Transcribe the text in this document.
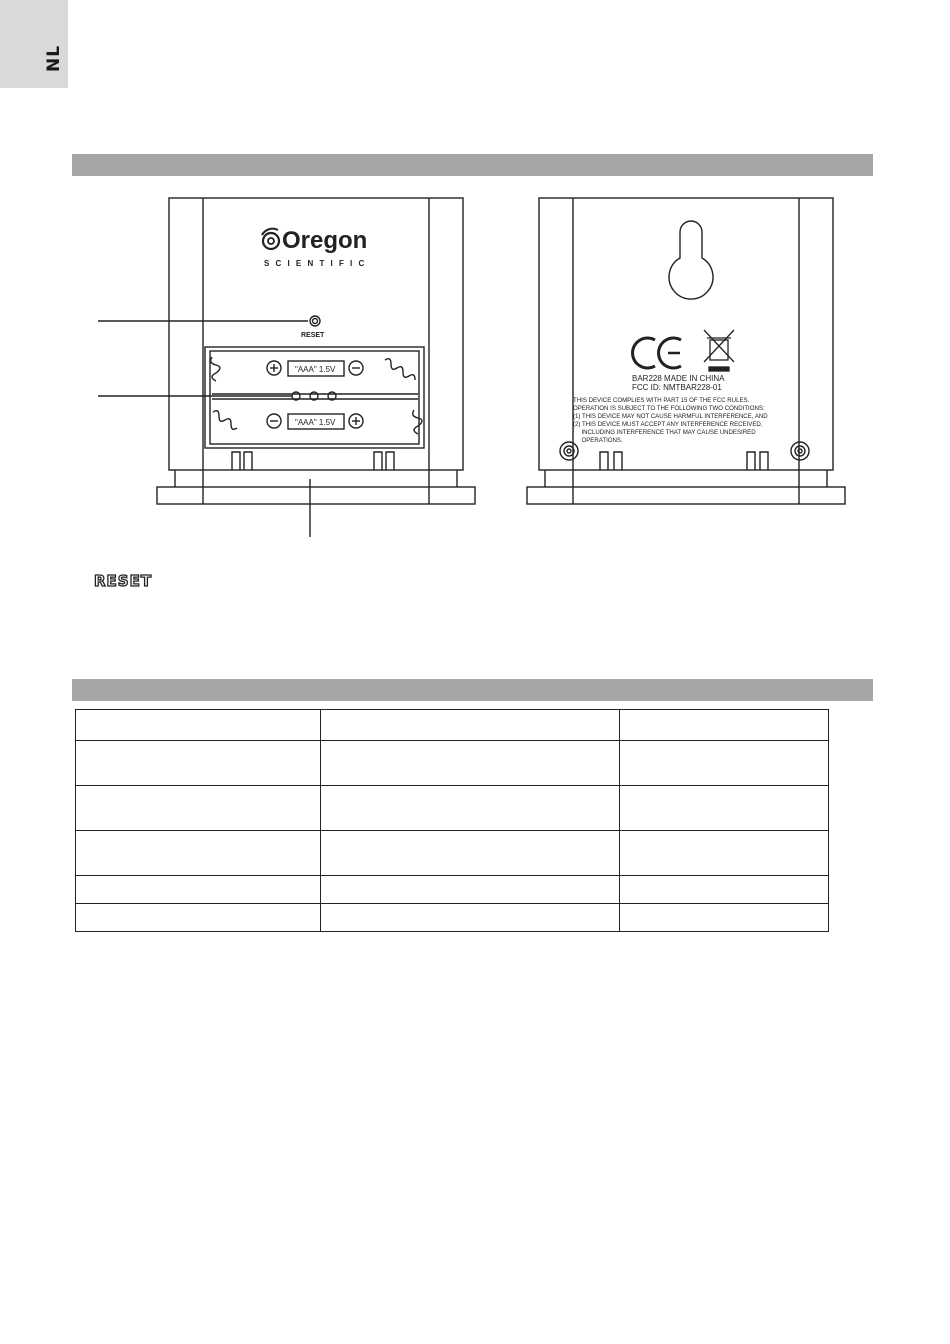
NL
Oregon
SCIENTIFIC
RESET
"AAA" 1.5V
"AAA" 1.5V
BAR228 MADE IN CHINA
FCC ID: NMTBAR228-01
THIS DEVICE COMPLIES WITH PART 15 OF THE FCC RULES.
OPERATION IS SUBJECT TO THE FOLLOWING TWO CONDITIONS:
(1) THIS DEVICE MAY NOT CAUSE HARMFUL INTERFERENCE, AND
(2) THIS DEVICE MUST ACCEPT ANY INTERFERENCE RECEIVED,
INCLUDING INTERFERENCE THAT MAY CAUSE UNDESIRED
OPERATIONS.
RESET
